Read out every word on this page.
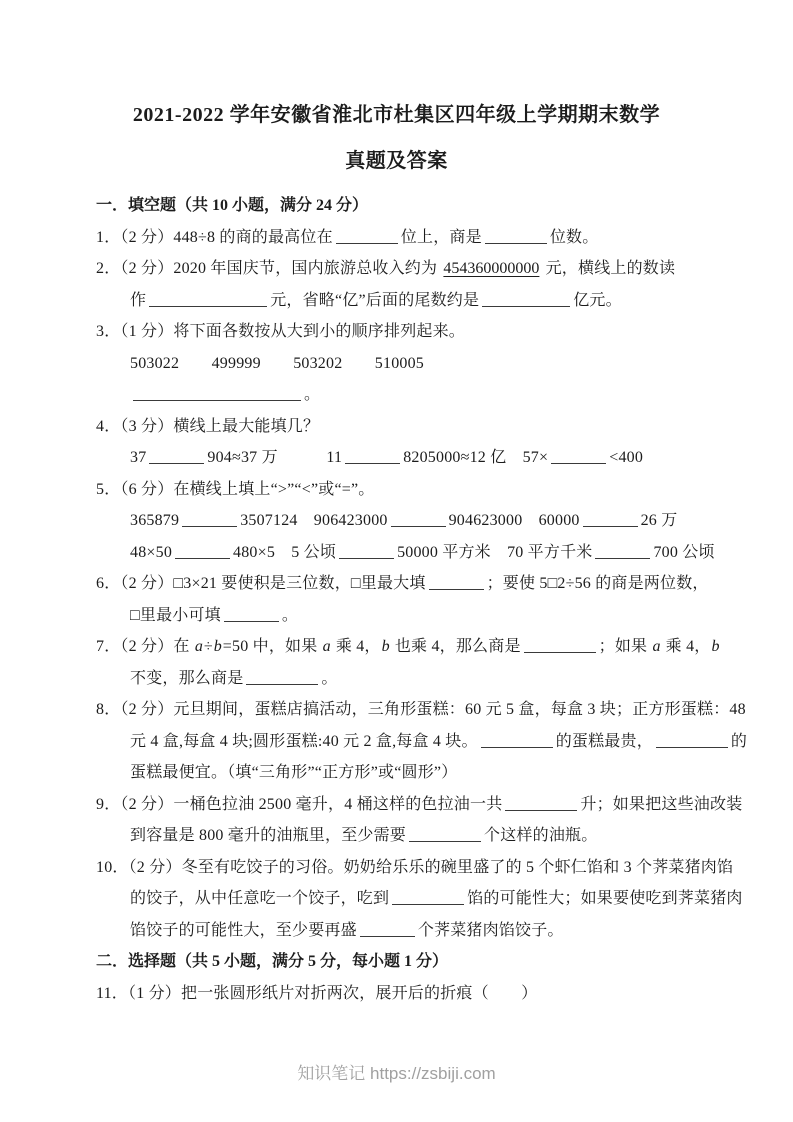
2021-2022 学年安徽省淮北市杜集区四年级上学期期末数学
真题及答案
一．填空题（共 10 小题，满分 24 分）
1．（2 分）448÷8 的商的最高位在	位上，商是	位数。
2．（2 分）2020 年国庆节，国内旅游总收入约为 454360000000 元，横线上的数读
作	元，省略“亿”后面的尾数约是	亿元。
3．（1 分）将下面各数按从大到小的顺序排列起来。
503022　　499999　　503202　　510005
。
4．（3 分）横线上最大能填几？
37	904≈37 万　　　11	8205000≈12 亿　57×	<400
5．（6 分）在横线上填上“>”“<”或“=”。
365879	3507124　906423000	904623000　60000	26 万
48×50	480×5　5 公顷	50000 平方米　70 平方千米	700 公顷
6．（2 分）□3×21 要使积是三位数，□里最大填	；要使 5□2÷56 的商是两位数，
□里最小可填	。
7．（2 分）在 a÷b=50 中，如果 a 乘 4，b 也乘 4，那么商是	；如果 a 乘 4，b
不变，那么商是	。
8．（2 分）元旦期间，蛋糕店搞活动，三角形蛋糕：60 元 5 盒，每盒 3 块；正方形蛋糕：48
元 4 盒,每盒 4 块;圆形蛋糕:40 元 2 盒,每盒 4 块。	的蛋糕最贵，	的
蛋糕最便宜。（填“三角形”“正方形”或“圆形”）
9．（2 分）一桶色拉油 2500 毫升，4 桶这样的色拉油一共	升；如果把这些油改装
到容量是 800 毫升的油瓶里，至少需要	个这样的油瓶。
10．（2 分）冬至有吃饺子的习俗。奶奶给乐乐的碗里盛了的 5 个虾仁馅和 3 个荠菜猪肉馅
的饺子，从中任意吃一个饺子，吃到	馅的可能性大；如果要使吃到荠菜猪肉
馅饺子的可能性大，至少要再盛	个荠菜猪肉馅饺子。
二．选择题（共 5 小题，满分 5 分，每小题 1 分）
11．（1 分）把一张圆形纸片对折两次，展开后的折痕（　　）
知识笔记 https://zsbiji.com
